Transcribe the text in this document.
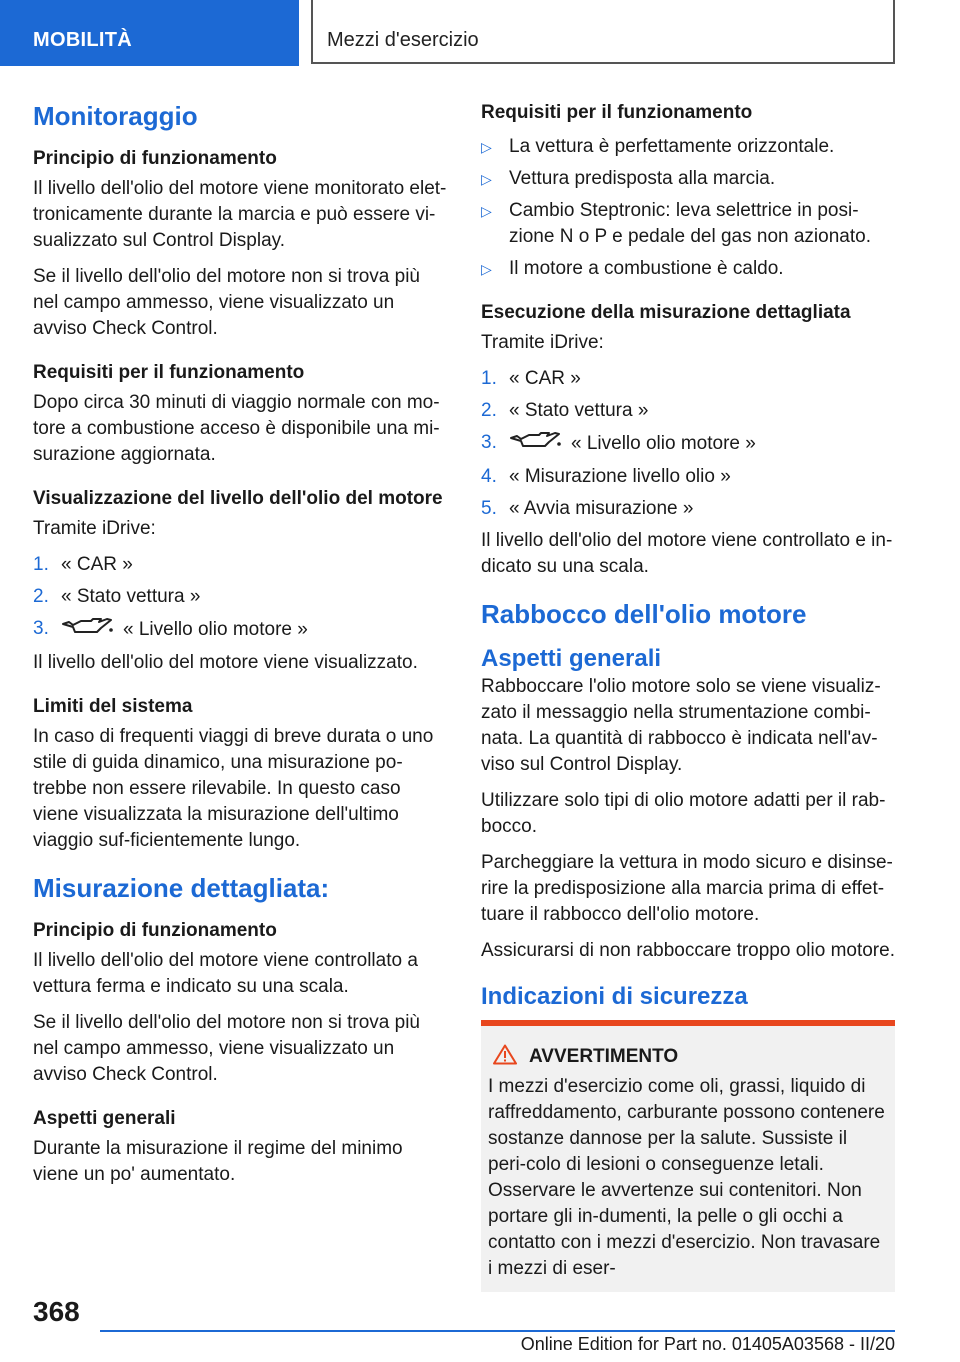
MOBILITÀ	Mezzi d'esercizio
Monitoraggio
Principio di funzionamento

Il livello dell'olio del motore viene monitorato elet-tronicamente durante la marcia e può essere vi-sualizzato sul Control Display.

Se il livello dell'olio del motore non si trova più nel campo ammesso, viene visualizzato un avviso Check Control.

Requisiti per il funzionamento

Dopo circa 30 minuti di viaggio normale con mo-tore a combustione acceso è disponibile una mi-surazione aggiornata.

Visualizzazione del livello dell'olio del motore

Tramite iDrive:

1. « CAR »
2. « Stato vettura »
3.	« Livello olio motore »

Il livello dell'olio del motore viene visualizzato.

Limiti del sistema

In caso di frequenti viaggi di breve durata o uno stile di guida dinamico, una misurazione po-trebbe non essere rilevabile. In questo caso viene visualizzata la misurazione dell'ultimo viaggio suf-ficientemente lungo.

Misurazione dettagliata:
Principio di funzionamento

Il livello dell'olio del motore viene controllato a vettura ferma e indicato su una scala.

Se il livello dell'olio del motore non si trova più nel campo ammesso, viene visualizzato un avviso Check Control.

Aspetti generali

Durante la misurazione il regime del minimo viene un po' aumentato.

Requisiti per il funzionamento
▷ La vettura è perfettamente orizzontale.
▷ Vettura predisposta alla marcia.
▷ Cambio Steptronic: leva selettrice in posi-zione N o P e pedale del gas non azionato.
▷ Il motore a combustione è caldo.
Esecuzione della misurazione dettagliata

Tramite iDrive:

1. « CAR »
2. « Stato vettura »
3.	« Livello olio motore »
4. « Misurazione livello olio »
5. « Avvia misurazione »

Il livello dell'olio del motore viene controllato e in-dicato su una scala.

Rabbocco dell'olio motore
Aspetti generali

Rabboccare l'olio motore solo se viene visualiz-zato il messaggio nella strumentazione combi-nata. La quantità di rabbocco è indicata nell'av-viso sul Control Display.

Utilizzare solo tipi di olio motore adatti per il rab-bocco.

Parcheggiare la vettura in modo sicuro e disinse-rire la predisposizione alla marcia prima di effet-tuare il rabbocco dell'olio motore.

Assicurarsi di non rabboccare troppo olio motore.

Indicazioni di sicurezza
AVVERTIMENTO

I mezzi d'esercizio come oli, grassi, liquido di raffreddamento, carburante possono contenere sostanze dannose per la salute. Sussiste il peri-colo di lesioni o conseguenze letali. Osservare le avvertenze sui contenitori. Non portare gli in-dumenti, la pelle o gli occhi a contatto con i mezzi d'esercizio. Non travasare i mezzi di eser-

368
Online Edition for Part no. 01405A03568 - II/20
